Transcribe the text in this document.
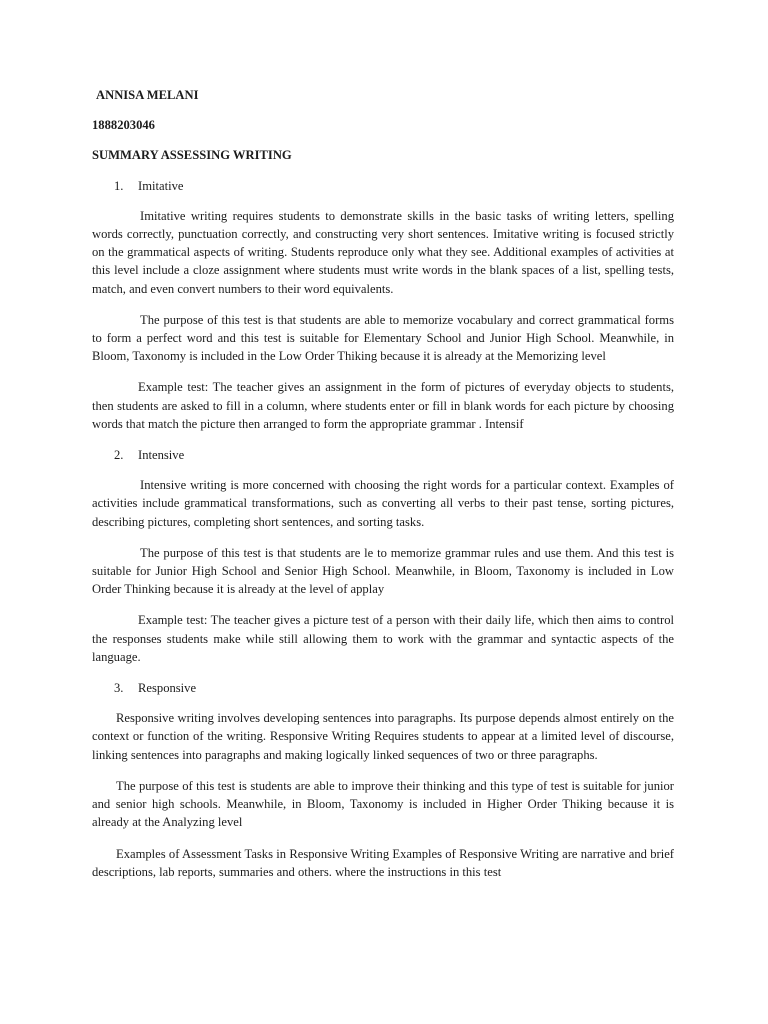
ANNISA MELANI
1888203046
SUMMARY ASSESSING WRITING
1.	Imitative

Imitative writing requires students to demonstrate skills in the basic tasks of writing letters, spelling words correctly, punctuation correctly, and constructing very short sentences. Imitative writing is focused strictly on the grammatical aspects of writing. Students reproduce only what they see. Additional examples of activities at this level include a cloze assignment where students must write words in the blank spaces of a list, spelling tests, match, and even convert numbers to their word equivalents.

The purpose of this test is that students are able to memorize vocabulary and correct grammatical forms to form a perfect word and this test is suitable for Elementary School and Junior High School. Meanwhile, in Bloom, Taxonomy is included in the Low Order Thiking because it is already at the Memorizing level

Example test: The teacher gives an assignment in the form of pictures of everyday objects to students, then students are asked to fill in a column, where students enter or fill in blank words for each picture by choosing words that match the picture then arranged to form the appropriate grammar . Intensif

2.	Intensive

Intensive writing is more concerned with choosing the right words for a particular context. Examples of activities include grammatical transformations, such as converting all verbs to their past tense, sorting pictures, describing pictures, completing short sentences, and sorting tasks.

The purpose of this test is that students are le to memorize grammar rules and use them. And this test is suitable for Junior High School and Senior High School. Meanwhile, in Bloom, Taxonomy is included in Low Order Thinking because it is already at the level of applay

Example test: The teacher gives a picture test of a person with their daily life, which then aims to control the responses students make while still allowing them to work with the grammar and syntactic aspects of the language.

3.	Responsive

Responsive writing involves developing sentences into paragraphs. Its purpose depends almost entirely on the context or function of the writing. Responsive Writing Requires students to appear at a limited level of discourse, linking sentences into paragraphs and making logically linked sequences of two or three paragraphs.

The purpose of this test is students are able to improve their thinking and this type of test is suitable for junior and senior high schools. Meanwhile, in Bloom, Taxonomy is included in Higher Order Thiking because it is already at the Analyzing level

Examples of Assessment Tasks in Responsive Writing Examples of Responsive Writing are narrative and brief descriptions, lab reports, summaries and others. where the instructions in this test
